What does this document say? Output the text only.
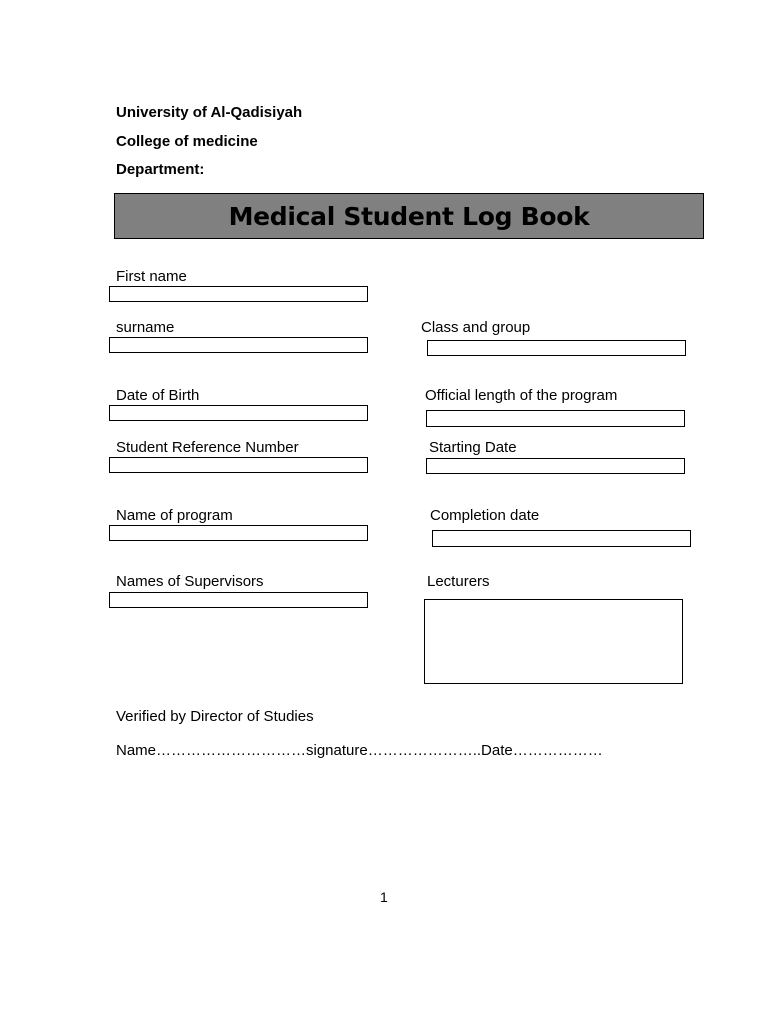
University of Al-Qadisiyah
College of medicine
Department:
Medical Student Log Book
First name
surname
Date of Birth
Student Reference Number
Name of program
Names of Supervisors
Class and group
Official length of the program
Starting Date
Completion date
Lecturers
Verified by Director of Studies
Name…………………………signature…………………..Date………………
1
